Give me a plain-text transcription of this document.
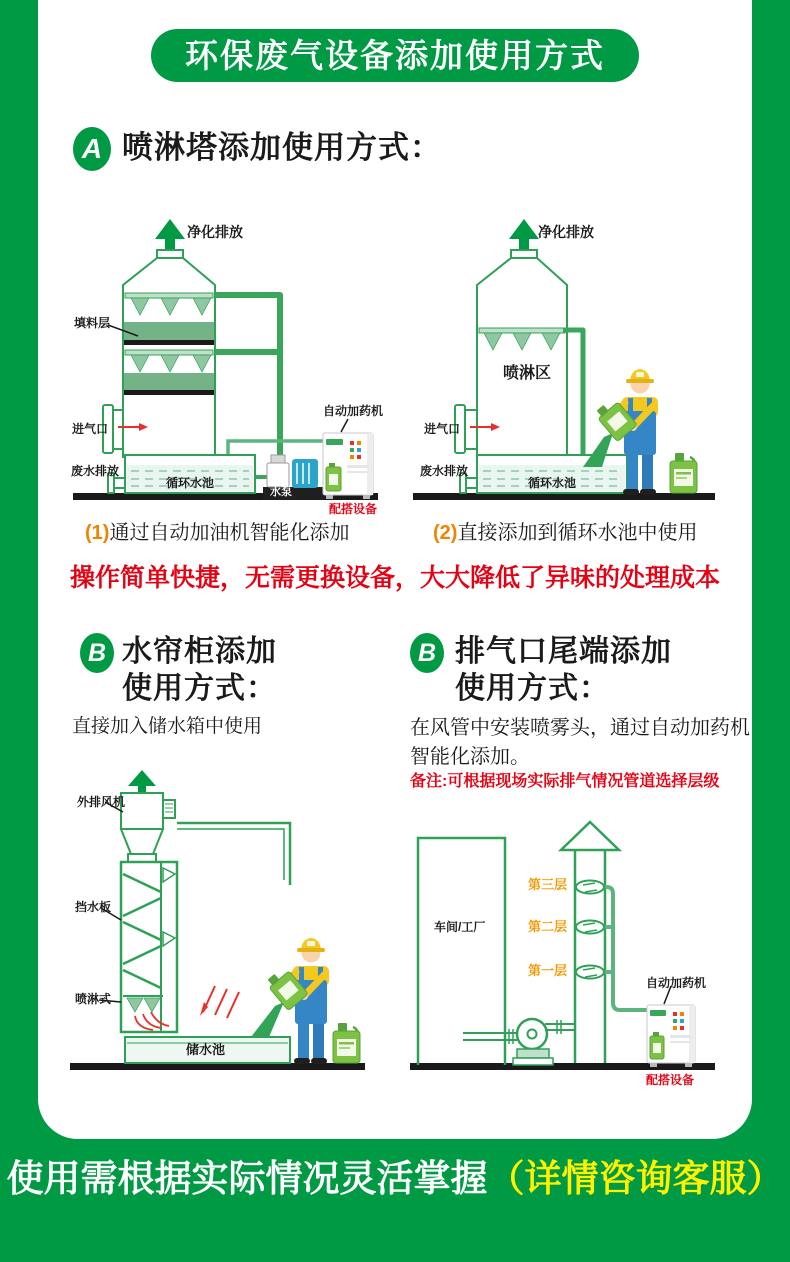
环保废气设备添加使用方式
A 喷淋塔添加使用方式：
净化排放
填料层
进气口
废水排放
循环水池
水泵
自动加药机
配搭设备
净化排放
喷淋区
进气口
废水排放
循环水池
(1)通过自动加油机智能化添加	(2)直接添加到循环水池中使用
操作简单快捷，无需更换设备，大大降低了异味的处理成本
B 水帘柜添加
使用方式：
直接加入储水箱中使用
B 排气口尾端添加
使用方式：
在风管中安装喷雾头，通过自动加药机智能化添加。
备注:可根据现场实际排气情况管道选择层级
外排风机
挡水板
喷淋式
储水池
车间/工厂
第三层
第二层
第一层
自动加药机
配搭设备
使用需根据实际情况灵活掌握（详情咨询客服）
